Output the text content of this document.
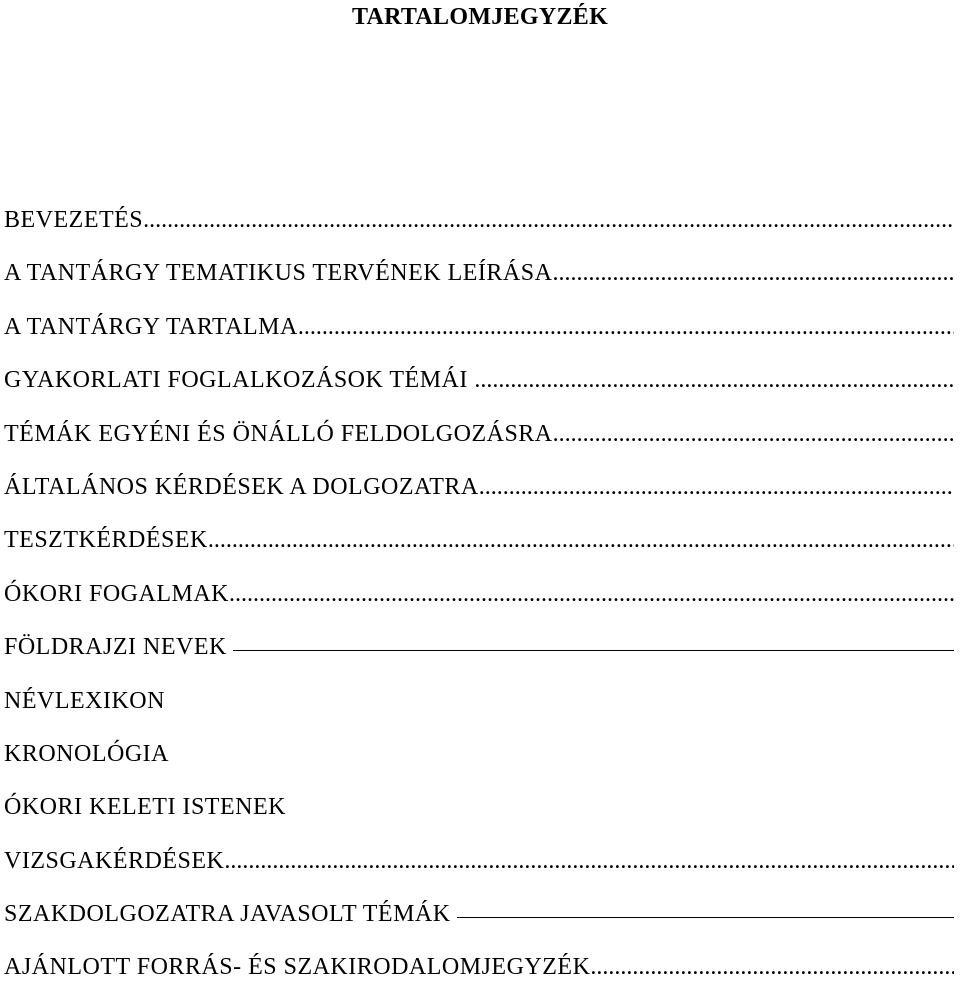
TARTALOMJEGYZÉK
BEVEZETÉS
.....
A TANTÁRGY TEMATIKUS TERVÉNEK LEÍRÁSA
.....
A TANTÁRGY TARTALMA
.....
GYAKORLATI FOGLALKOZÁSOK TÉMÁI
.....
TÉMÁK EGYÉNI ÉS ÖNÁLLÓ FELDOLGOZÁSRA
.....
ÁLTALÁNOS KÉRDÉSEK A DOLGOZATRA
.....
TESZTKÉRDÉSEK
.....
ÓKORI FOGALMAK
.....
FÖLDRAJZI NEVEK
NÉVLEXIKON
KRONOLÓGIA
ÓKORI KELETI ISTENEK
VIZSGAKÉRDÉSEK
.....
SZAKDOLGOZATRA JAVASOLT TÉMÁK
AJÁNLOTT FORRÁS- ÉS SZAKIRODALOMJEGYZÉK
.....
